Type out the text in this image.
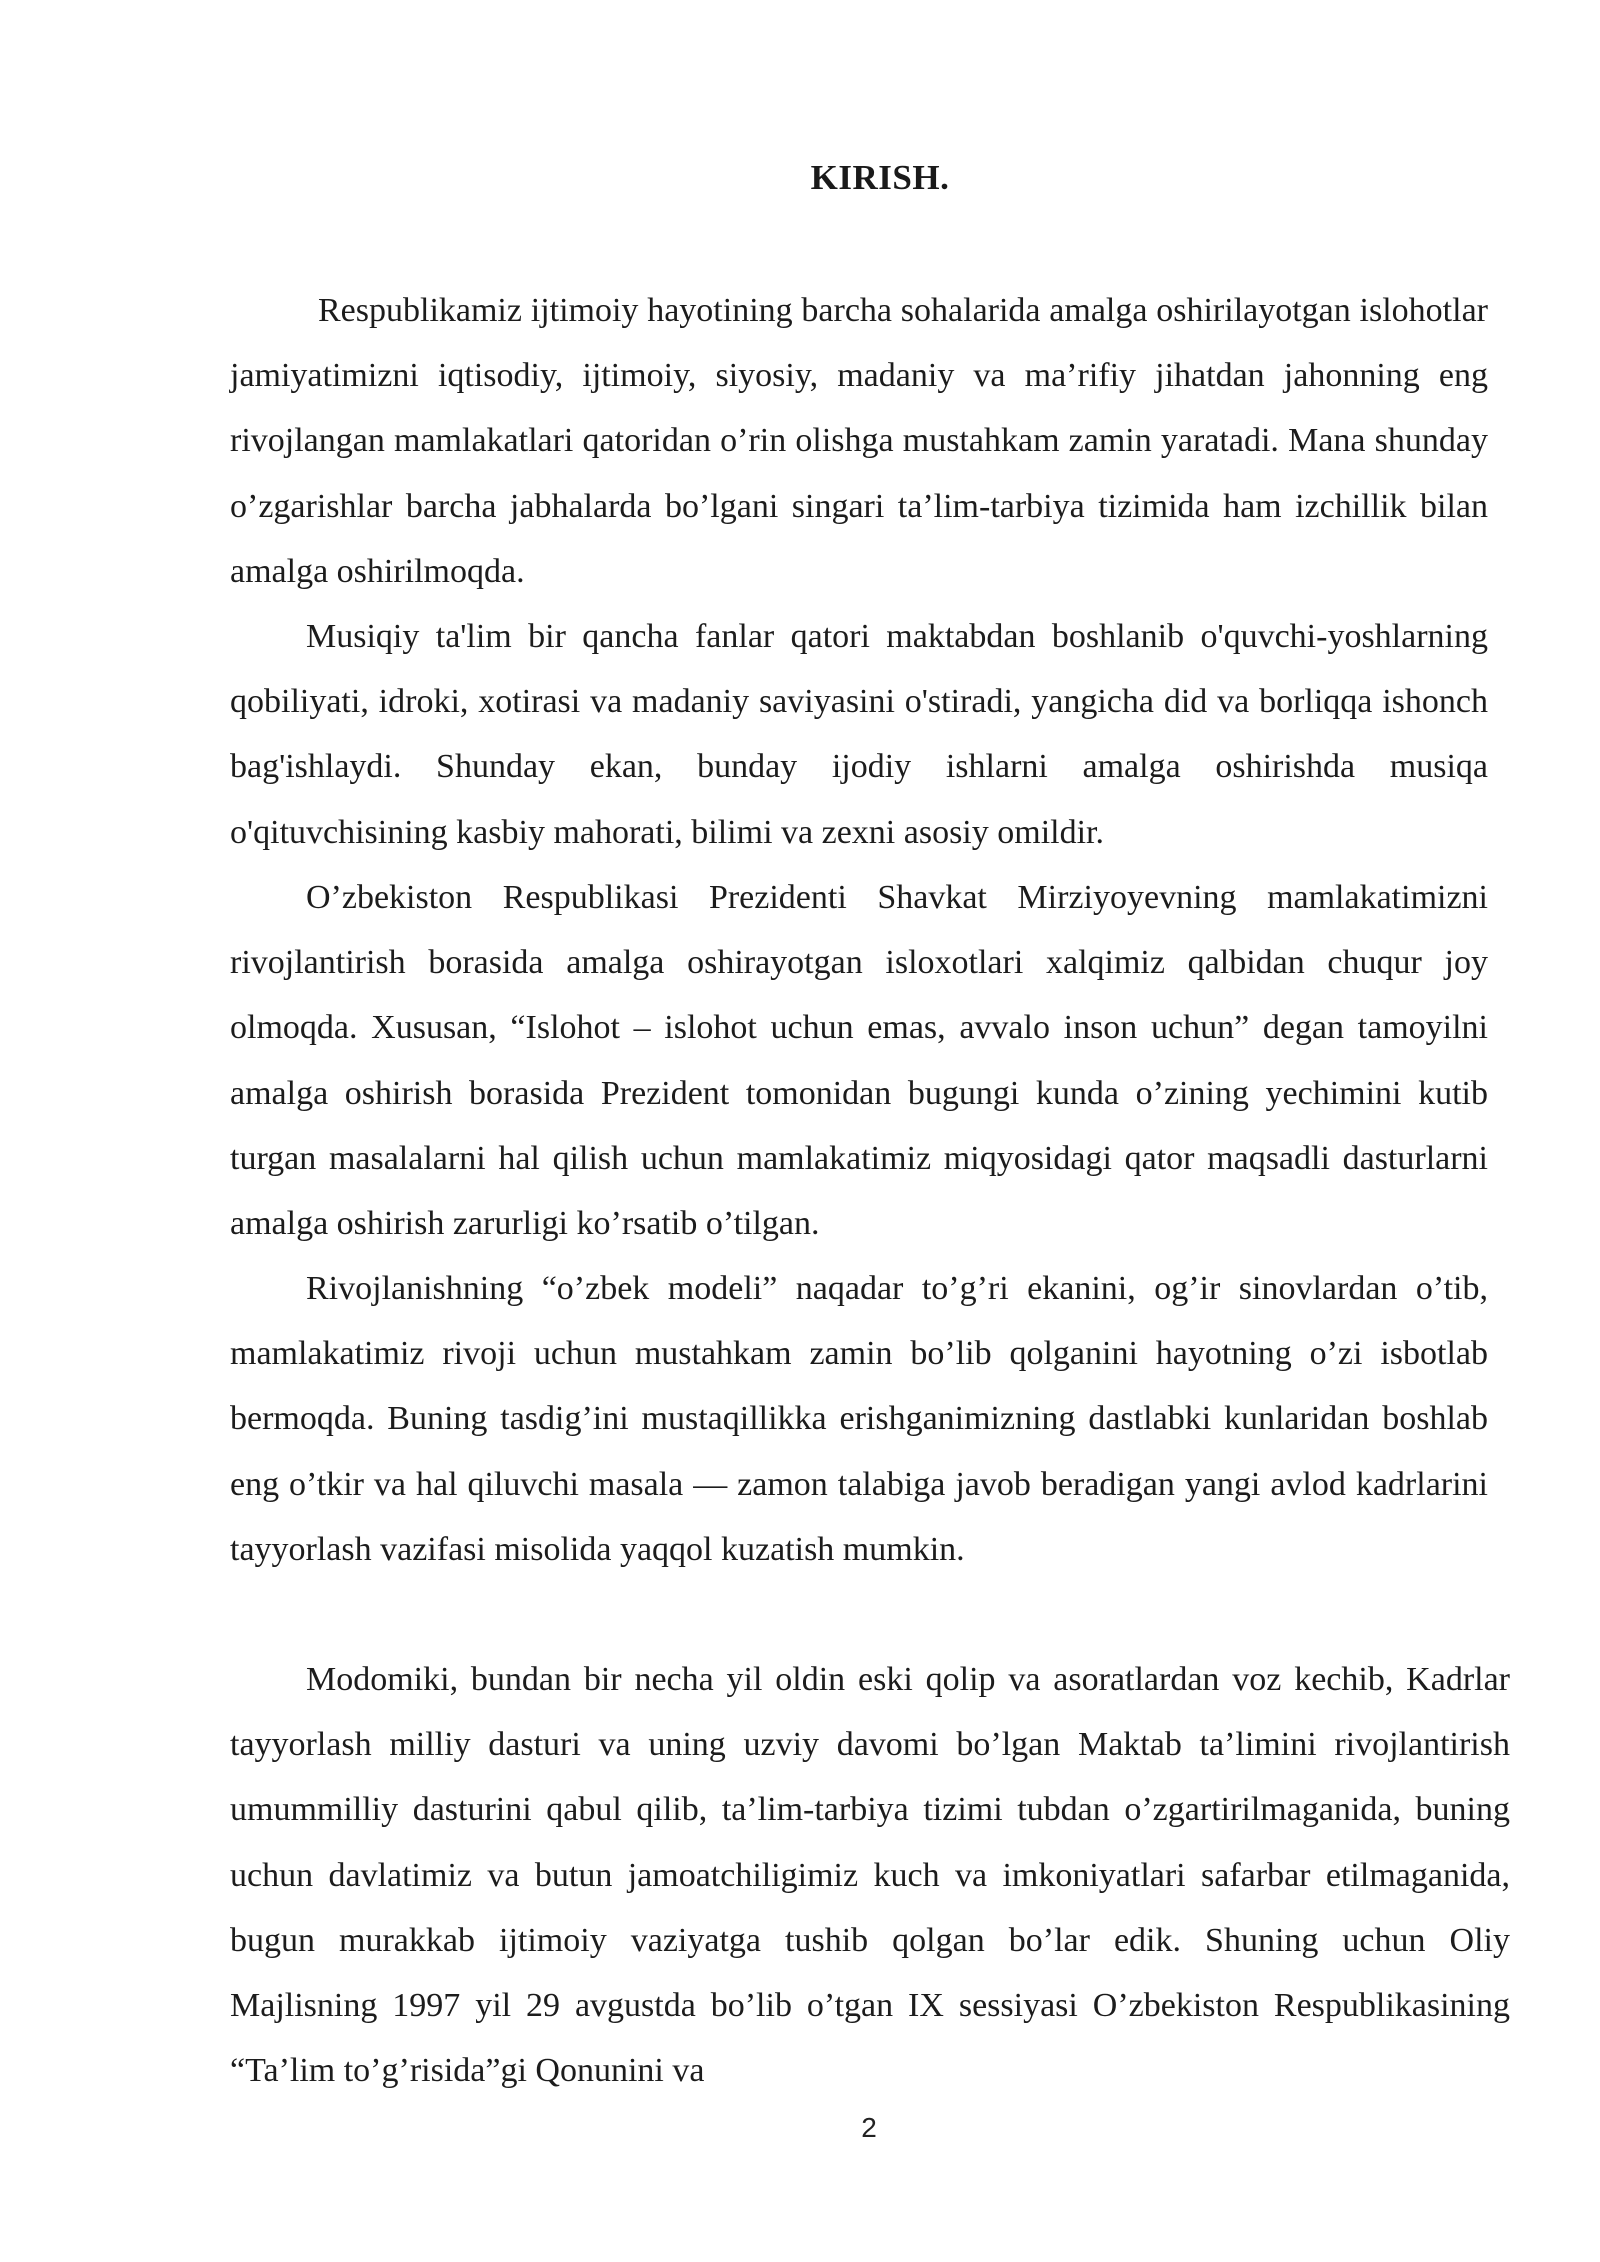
KIRISH.
Respublikamiz ijtimoiy hayotining barcha sohalarida amalga oshirilayotgan islohotlar jamiyatimizni iqtisodiy, ijtimoiy, siyosiy, madaniy va ma’rifiy jihatdan jahonning eng rivojlangan mamlakatlari qatoridan o’rin olishga mustahkam zamin yaratadi. Mana shunday o’zgarishlar barcha jabhalarda bo’lgani singari ta’lim-tarbiya tizimida ham izchillik bilan amalga oshirilmoqda.
Musiqiy ta'lim bir qancha fanlar qatori maktabdan boshlanib o'quvchi-yoshlarning qobiliyati, idroki, xotirasi va madaniy saviyasini o'stiradi, yangicha did va borliqqa ishonch bag'ishlaydi. Shunday ekan, bunday ijodiy ishlarni amalga oshirishda musiqa o'qituvchisining kasbiy mahorati, bilimi va zexni asosiy omildir.
O’zbekiston Respublikasi Prezidenti Shavkat Mirziyoyevning mamlakatimizni rivojlantirish borasida amalga oshirayotgan isloxotlari xalqimiz qalbidan chuqur joy olmoqda. Xususan, “Islohot – islohot uchun emas, avvalo inson uchun” degan tamoyilni amalga oshirish borasida Prezident tomonidan bugungi kunda o’zining yechimini kutib turgan masalalarni hal qilish uchun mamlakatimiz miqyosidagi qator maqsadli dasturlarni amalga oshirish zarurligi ko’rsatib o’tilgan.
Rivojlanishning “o’zbek modeli” naqadar to’g’ri ekanini, og’ir sinovlardan o’tib, mamlakatimiz rivoji uchun mustahkam zamin bo’lib qolganini hayotning o’zi isbotlab bermoqda. Buning tasdig’ini mustaqillikka erishganimizning dastlabki kunlaridan boshlab eng o’tkir va hal qiluvchi masala — zamon talabiga javob beradigan yangi avlod kadrlarini tayyorlash vazifasi misolida yaqqol kuzatish mumkin.
Modomiki, bundan bir necha yil oldin eski qolip va asoratlardan voz kechib, Kadrlar tayyorlash milliy dasturi va uning uzviy davomi bo’lgan Maktab ta’limini rivojlantirish umummilliy dasturini qabul qilib, ta’lim-tarbiya tizimi tubdan o’zgartirilmaganida, buning uchun davlatimiz va butun jamoatchiligimiz kuch va imkoniyatlari safarbar etilmaganida, bugun murakkab ijtimoiy vaziyatga tushib qolgan bo’lar edik. Shuning uchun Oliy Majlisning 1997 yil 29 avgustda bo’lib o’tgan IX sessiyasi O’zbekiston Respublikasining “Ta’lim to’g’risida”gi Qonunini va
2
